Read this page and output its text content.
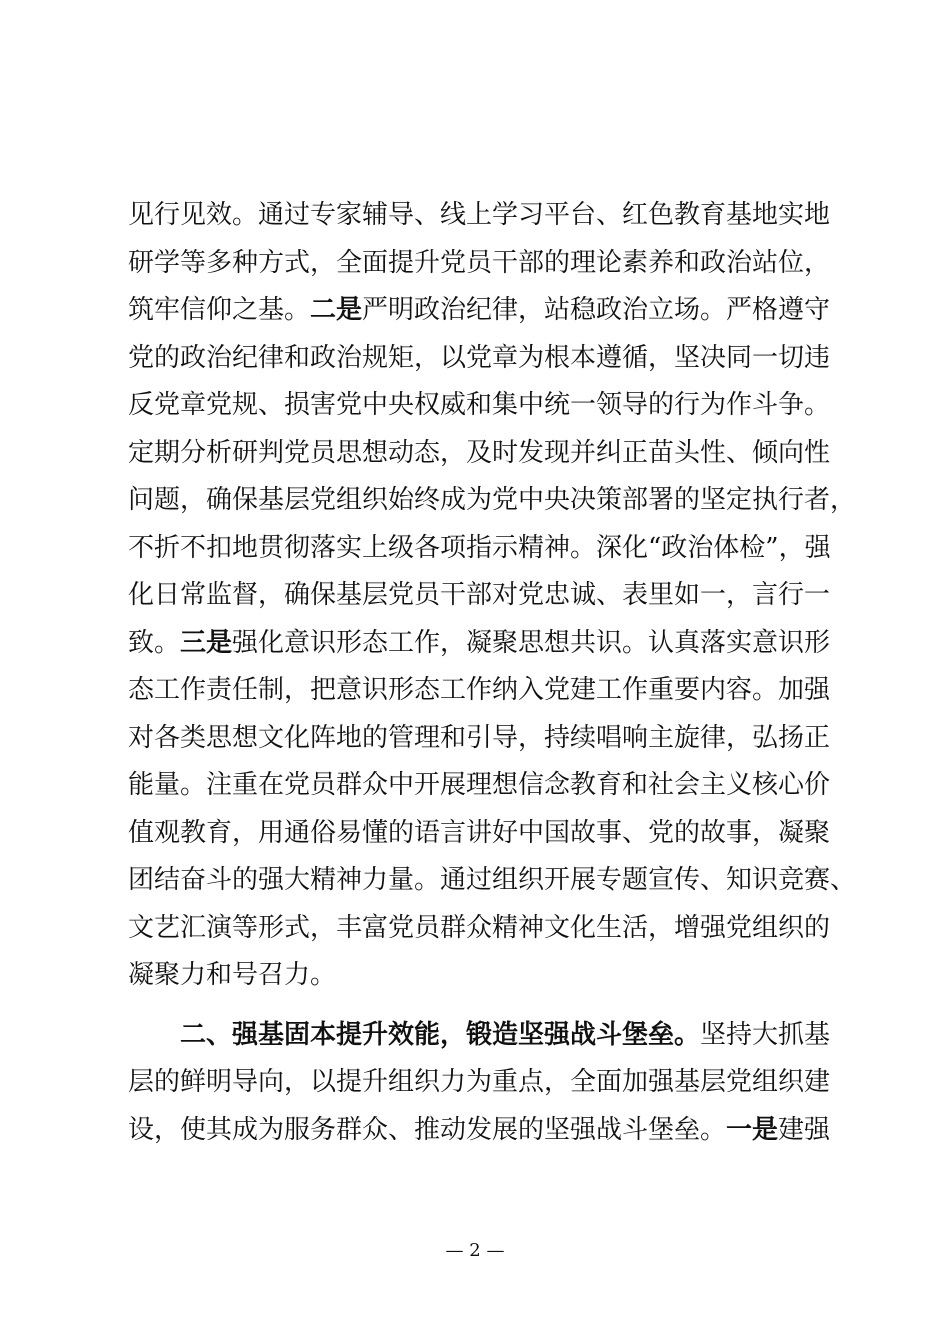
见行见效。通过专家辅导、线上学习平台、红色教育基地实地
研学等多种方式，全面提升党员干部的理论素养和政治站位，
筑牢信仰之基。二是严明政治纪律，站稳政治立场。严格遵守
党的政治纪律和政治规矩，以党章为根本遵循，坚决同一切违
反党章党规、损害党中央权威和集中统一领导的行为作斗争。
定期分析研判党员思想动态，及时发现并纠正苗头性、倾向性
问题，确保基层党组织始终成为党中央决策部署的坚定执行者，
不折不扣地贯彻落实上级各项指示精神。深化“政治体检”，强
化日常监督，确保基层党员干部对党忠诚、表里如一，言行一
致。三是强化意识形态工作，凝聚思想共识。认真落实意识形
态工作责任制，把意识形态工作纳入党建工作重要内容。加强
对各类思想文化阵地的管理和引导，持续唱响主旋律，弘扬正
能量。注重在党员群众中开展理想信念教育和社会主义核心价
值观教育，用通俗易懂的语言讲好中国故事、党的故事，凝聚
团结奋斗的强大精神力量。通过组织开展专题宣传、知识竞赛、
文艺汇演等形式，丰富党员群众精神文化生活，增强党组织的
凝聚力和号召力。
二、强基固本提升效能，锻造坚强战斗堡垒。坚持大抓基
层的鲜明导向，以提升组织力为重点，全面加强基层党组织建
设，使其成为服务群众、推动发展的坚强战斗堡垒。一是建强
— 2 —
